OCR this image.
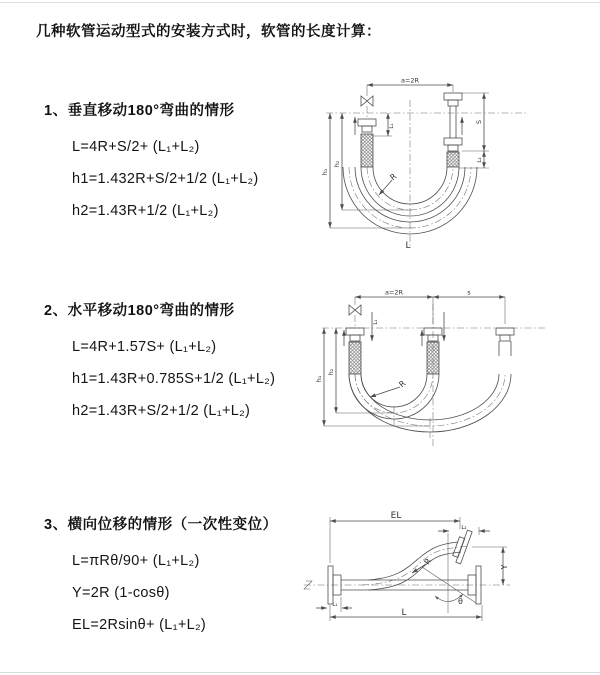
几种软管运动型式的安装方式时，软管的长度计算：
1、垂直移动180°弯曲的情形

L=4R+S/2+ (L₁+L₂)

h1=1.432R+S/2+1/2 (L₁+L₂)

h2=1.43R+1/2 (L₁+L₂)

2、水平移动180°弯曲的情形

L=4R+1.57S+ (L₁+L₂)

h1=1.43R+0.785S+1/2 (L₁+L₂)

h2=1.43R+S/2+1/2 (L₁+L₂)

3、横向位移的情形（一次性变位）

L=πRθ/90+ (L₁+L₂)

Y=2R (1-cosθ)

EL=2Rsinθ+ (L₁+L₂)

a=2R
h₁
h₂
L₁
S
L₂
R
L
a=2R	s
L₁
h₁
h₂
R
θ
EL
L₂
Y
R
L₁
L
